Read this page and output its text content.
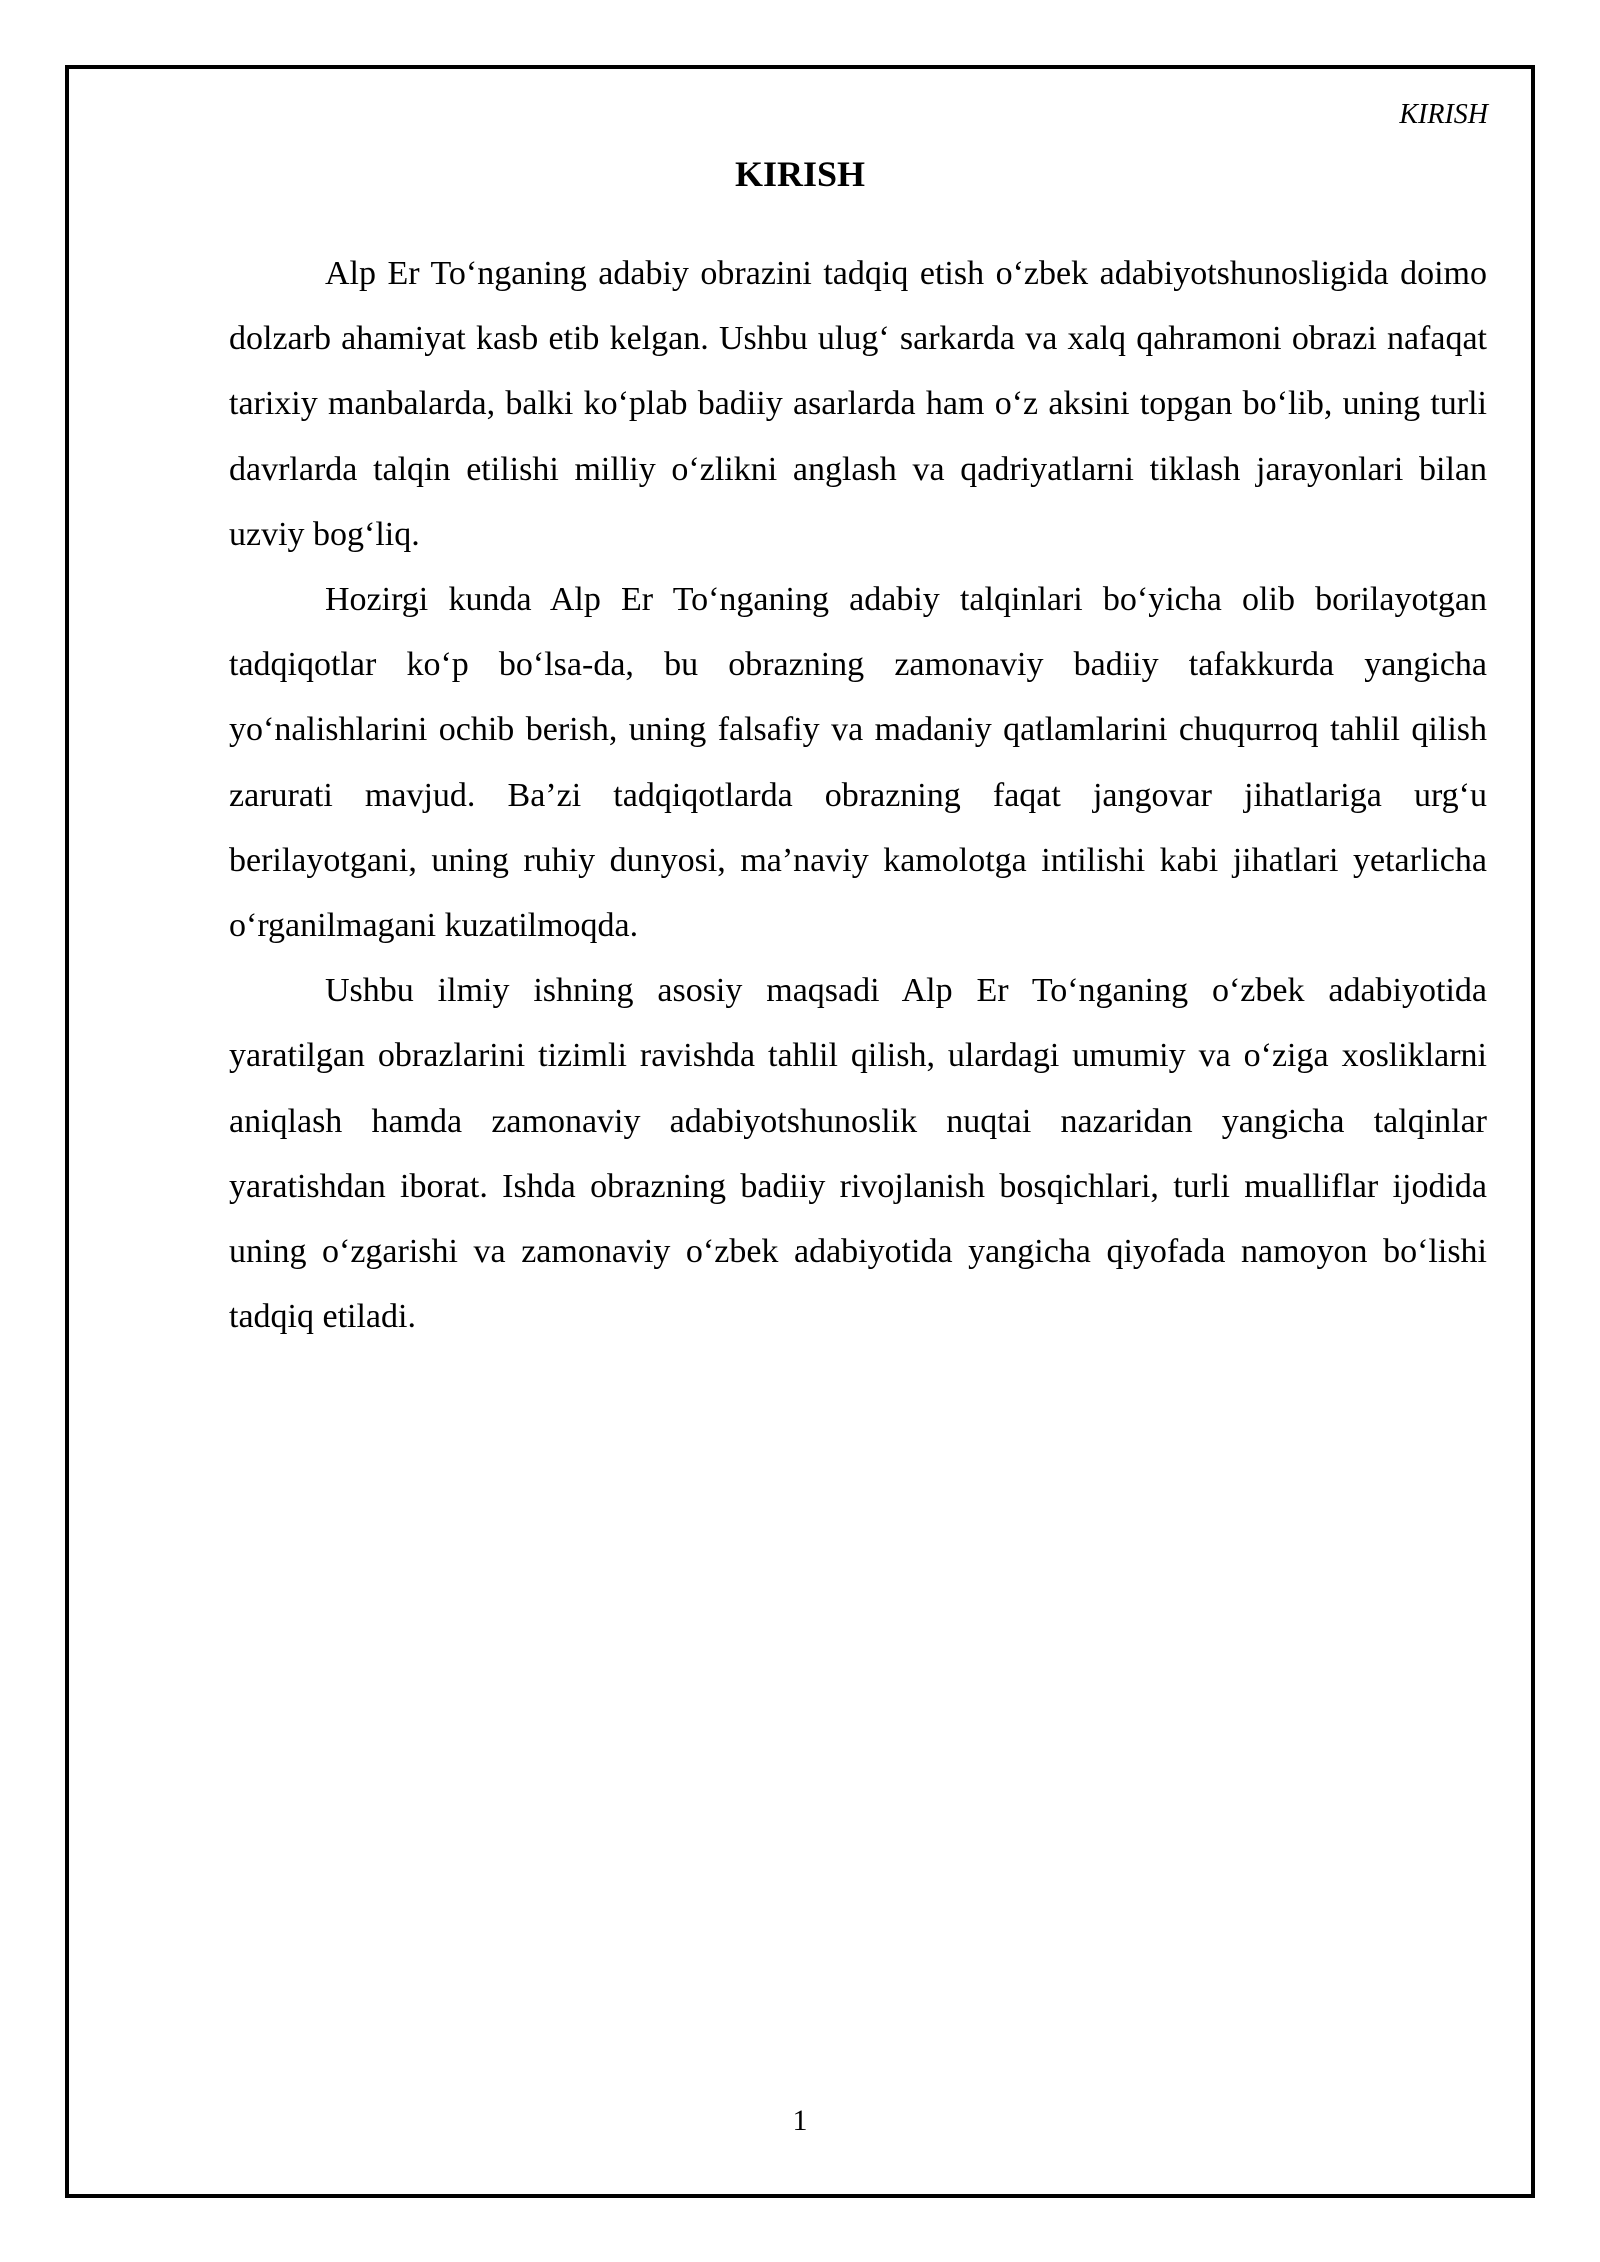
KIRISH
KIRISH

Alp Er To‘nganing adabiy obrazini tadqiq etish o‘zbek adabiyotshunosligida doimo dolzarb ahamiyat kasb etib kelgan. Ushbu ulug‘ sarkarda va xalq qahramoni obrazi nafaqat tarixiy manbalarda, balki ko‘plab badiiy asarlarda ham o‘z aksini topgan bo‘lib, uning turli davrlarda talqin etilishi milliy o‘zlikni anglash va qadriyatlarni tiklash jarayonlari bilan uzviy bog‘liq.

Hozirgi kunda Alp Er To‘nganing adabiy talqinlari bo‘yicha olib borilayotgan tadqiqotlar ko‘p bo‘lsa-da, bu obrazning zamonaviy badiiy tafakkurda yangicha yo‘nalishlarini ochib berish, uning falsafiy va madaniy qatlamlarini chuqurroq tahlil qilish zarurati mavjud. Ba’zi tadqiqotlarda obrazning faqat jangovar jihatlariga urg‘u berilayotgani, uning ruhiy dunyosi, ma’naviy kamolotga intilishi kabi jihatlari yetarlicha o‘rganilmagani kuzatilmoqda.

Ushbu ilmiy ishning asosiy maqsadi Alp Er To‘nganing o‘zbek adabiyotida yaratilgan obrazlarini tizimli ravishda tahlil qilish, ulardagi umumiy va o‘ziga xosliklarni aniqlash hamda zamonaviy adabiyotshunoslik nuqtai nazaridan yangicha talqinlar yaratishdan iborat. Ishda obrazning badiiy rivojlanish bosqichlari, turli mualliflar ijodida uning o‘zgarishi va zamonaviy o‘zbek adabiyotida yangicha qiyofada namoyon bo‘lishi tadqiq etiladi.

1
